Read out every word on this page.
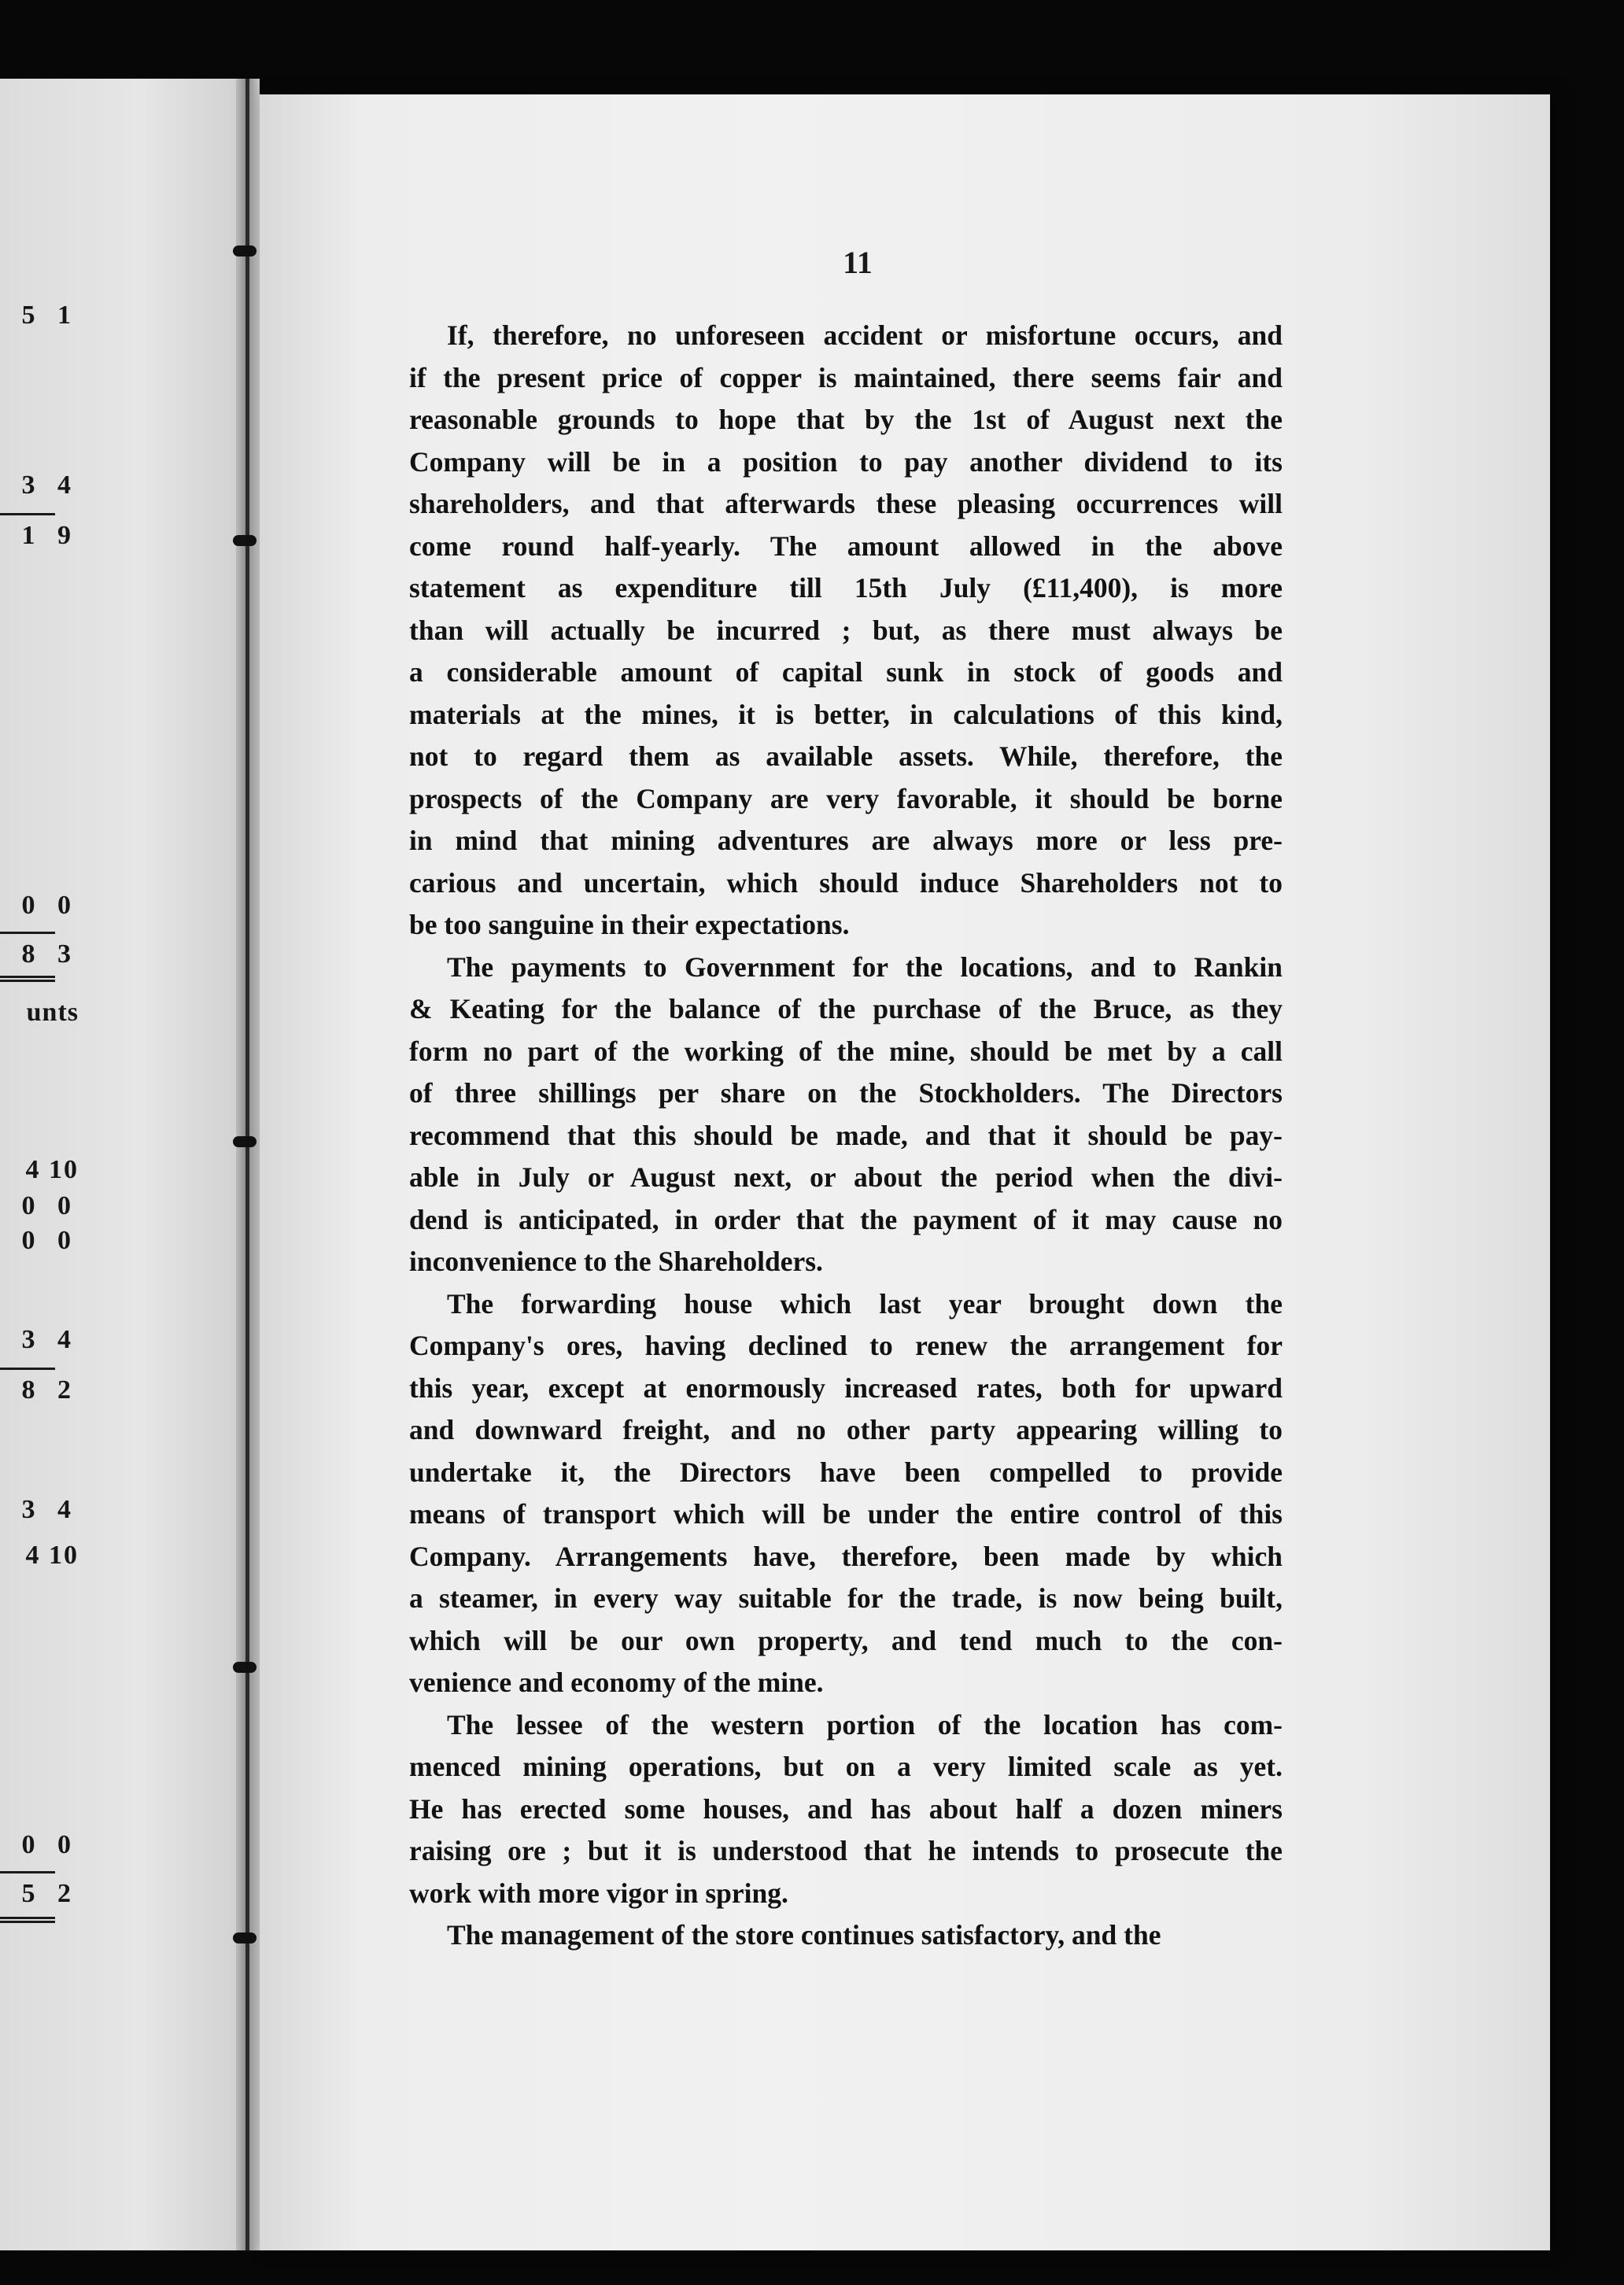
5 1
3 4
1 9
0 0
8 3
unts
4 10
0 0
0 0
3 4
8 2
3 4
4 10
0 0
5 2
11

If, therefore, no unforeseen accident or misfortune occurs, and
if the present price of copper is maintained, there seems fair and
reasonable grounds to hope that by the 1st of August next the
Company will be in a position to pay another dividend to its
shareholders, and that afterwards these pleasing occurrences will
come round half-yearly. The amount allowed in the above
statement as expenditure till 15th July (£11,400), is more
than will actually be incurred ; but, as there must always be
a considerable amount of capital sunk in stock of goods and
materials at the mines, it is better, in calculations of this kind,
not to regard them as available assets. While, therefore, the
prospects of the Company are very favorable, it should be borne
in mind that mining adventures are always more or less pre-
carious and uncertain, which should induce Shareholders not to
be too sanguine in their expectations.

The payments to Government for the locations, and to Rankin
& Keating for the balance of the purchase of the Bruce, as they
form no part of the working of the mine, should be met by a call
of three shillings per share on the Stockholders. The Directors
recommend that this should be made, and that it should be pay-
able in July or August next, or about the period when the divi-
dend is anticipated, in order that the payment of it may cause no
inconvenience to the Shareholders.

The forwarding house which last year brought down the
Company's ores, having declined to renew the arrangement for
this year, except at enormously increased rates, both for upward
and downward freight, and no other party appearing willing to
undertake it, the Directors have been compelled to provide
means of transport which will be under the entire control of this
Company. Arrangements have, therefore, been made by which
a steamer, in every way suitable for the trade, is now being built,
which will be our own property, and tend much to the con-
venience and economy of the mine.

The lessee of the western portion of the location has com-
menced mining operations, but on a very limited scale as yet.
He has erected some houses, and has about half a dozen miners
raising ore ; but it is understood that he intends to prosecute the
work with more vigor in spring.

The management of the store continues satisfactory, and the
